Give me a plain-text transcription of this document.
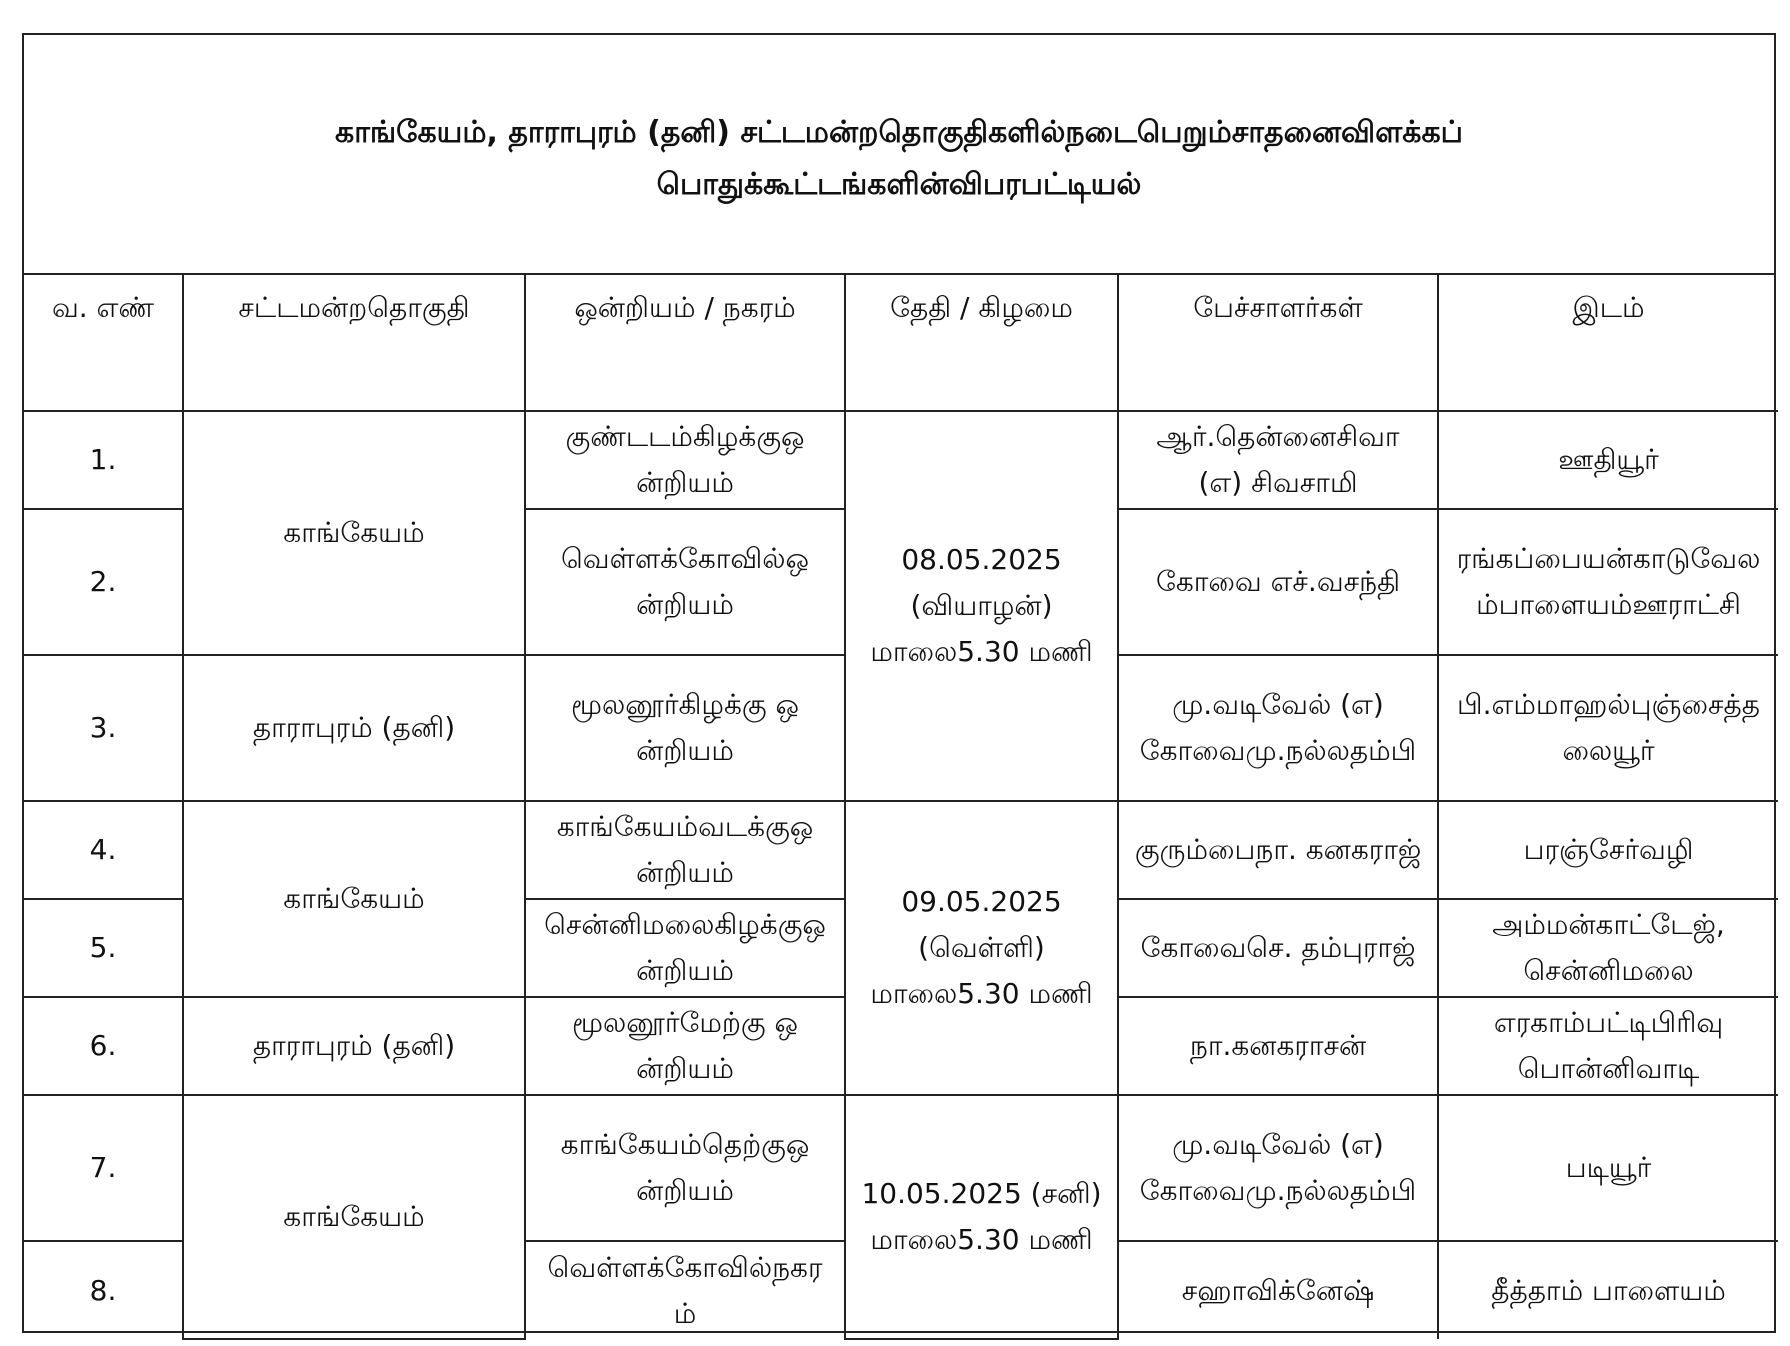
காங்கேயம், தாராபுரம் (தனி) சட்டமன்றதொகுதிகளில்நடைபெறும்சாதனைவிளக்கப்
பொதுக்கூட்டங்களின்விபரபட்டியல்
வ. எண்	சட்டமன்றதொகுதி	ஒன்றியம் / நகரம்	தேதி / கிழமை	பேச்சாளர்கள்	இடம்
1.	காங்கேயம்	குண்டடம்கிழக்குஒன்றியம்	08.05.2025 (வியாழன்) மாலை5.30 மணி	ஆர்.தென்னைசிவா (எ) சிவசாமி	ஊதியூர்
2.		வெள்ளக்கோவில்ஒன்றியம்		கோவை எச்.வசந்தி	ரங்கப்பையன்காடுவேலம்பாளையம்ஊராட்சி
3.	தாராபுரம் (தனி)	மூலனூர்கிழக்கு ஒன்றியம்		மு.வடிவேல் (எ) கோவைமு.நல்லதம்பி	பி.எம்மாஹல்புஞ்சைத்தலையூர்
4.	காங்கேயம்	காங்கேயம்வடக்குஒன்றியம்	09.05.2025 (வெள்ளி) மாலை5.30 மணி	குரும்பைநா. கனகராஜ்	பரஞ்சேர்வழி
5.		சென்னிமலைகிழக்குஒன்றியம்		கோவைசெ. தம்புராஜ்	அம்மன்காட்டேஜ், சென்னிமலை
6.	தாராபுரம் (தனி)	மூலனூர்மேற்கு ஒன்றியம்		நா.கனகராசன்	எரகாம்பட்டிபிரிவு பொன்னிவாடி
7.	காங்கேயம்	காங்கேயம்தெற்குஒன்றியம்	10.05.2025 (சனி) மாலை5.30 மணி	மு.வடிவேல் (எ) கோவைமு.நல்லதம்பி	படியூர்
8.		வெள்ளக்கோவில்நகரம்		சஹாவிக்னேஷ்	தீத்தாம் பாளையம்
